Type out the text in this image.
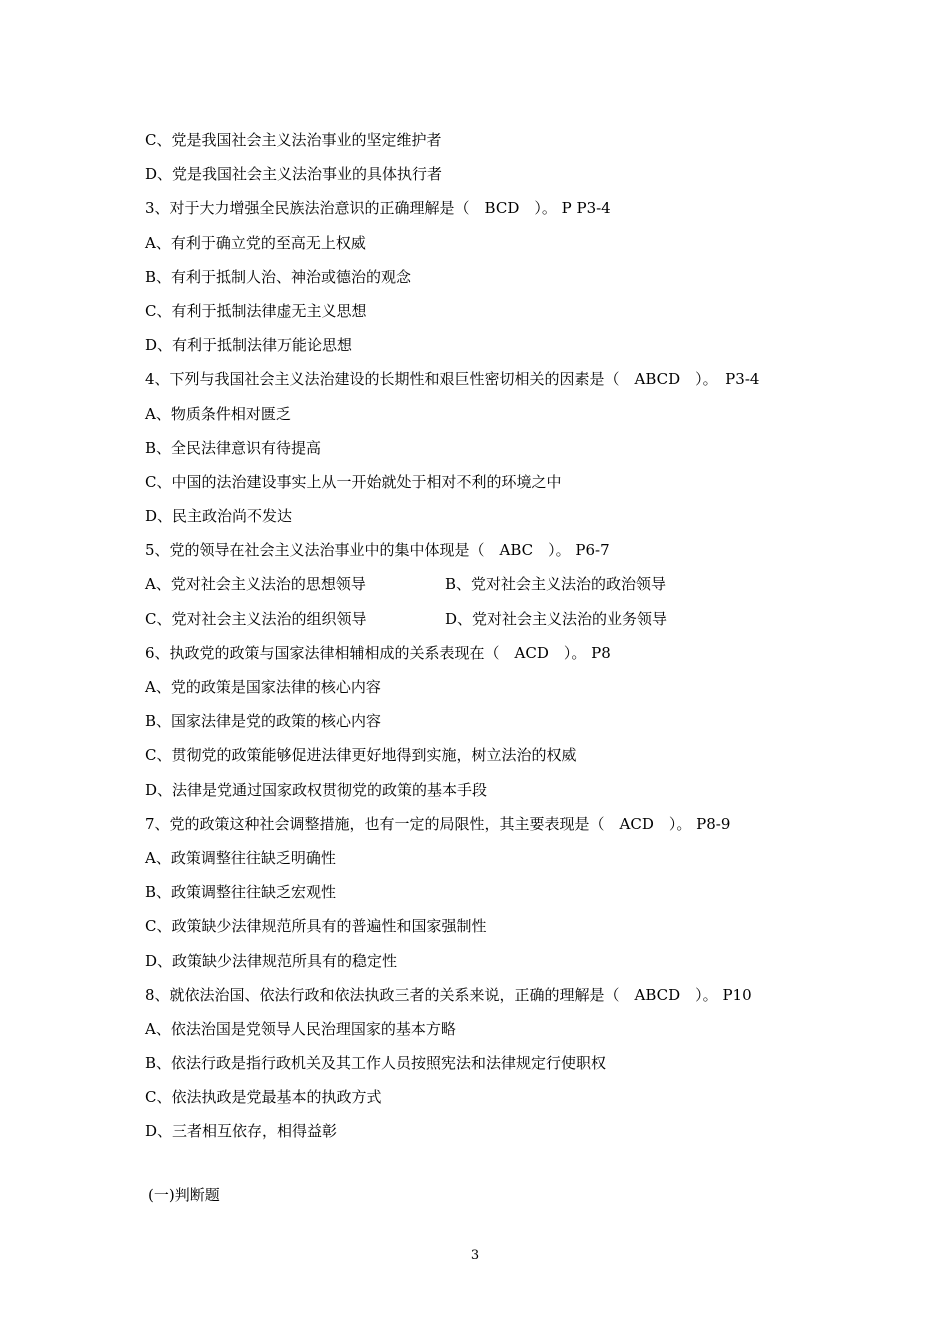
C、党是我国社会主义法治事业的坚定维护者
D、党是我国社会主义法治事业的具体执行者
3、对于大力增强全民族法治意识的正确理解是（　BCD　）。 P P3-4
A、有利于确立党的至高无上权威
B、有利于抵制人治、神治或德治的观念
C、有利于抵制法律虚无主义思想
D、有利于抵制法律万能论思想
4、下列与我国社会主义法治建设的长期性和艰巨性密切相关的因素是（　ABCD　）。　P3-4
A、物质条件相对匮乏
B、全民法律意识有待提高
C、中国的法治建设事实上从一开始就处于相对不利的环境之中
D、民主政治尚不发达
5、党的领导在社会主义法治事业中的集中体现是（　ABC　）。 P6-7
A、党对社会主义法治的思想领导	B、党对社会主义法治的政治领导
C、党对社会主义法治的组织领导	D、党对社会主义法治的业务领导
6、执政党的政策与国家法律相辅相成的关系表现在（　ACD　）。 P8
A、党的政策是国家法律的核心内容
B、国家法律是党的政策的核心内容
C、贯彻党的政策能够促进法律更好地得到实施，树立法治的权威
D、法律是党通过国家政权贯彻党的政策的基本手段
7、党的政策这种社会调整措施，也有一定的局限性，其主要表现是（　ACD　）。 P8-9
A、政策调整往往缺乏明确性
B、政策调整往往缺乏宏观性
C、政策缺少法律规范所具有的普遍性和国家强制性
D、政策缺少法律规范所具有的稳定性
8、就依法治国、依法行政和依法执政三者的关系来说，正确的理解是（　ABCD　）。 P10
A、依法治国是党领导人民治理国家的基本方略
B、依法行政是指行政机关及其工作人员按照宪法和法律规定行使职权
C、依法执政是党最基本的执政方式
D、三者相互依存，相得益彰
(一)判断题
3
